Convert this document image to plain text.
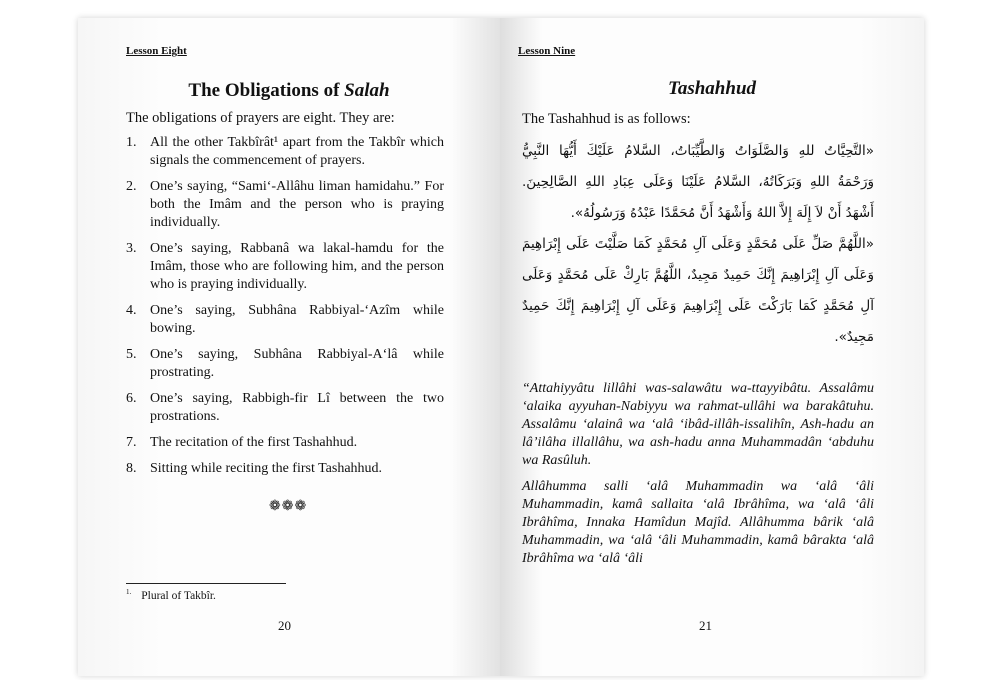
Lesson Eight
The Obligations of Salah
The obligations of prayers are eight. They are:
1. All the other Takbîrât¹ apart from the Takbîr which signals the commencement of prayers.
2. One’s saying, “Sami‘-Allâhu liman hamidahu.” For both the Imâm and the person who is praying individually.
3. One’s saying, Rabbanâ wa lakal-hamdu for the Imâm, those who are following him, and the person who is praying individually.
4. One’s saying, Subhâna Rabbiyal-‘Azîm while bowing.
5. One’s saying, Subhâna Rabbiyal-A‘lâ while prostrating.
6. One’s saying, Rabbigh-fir Lî between the two prostrations.
7. The recitation of the first Tashahhud.
8. Sitting while reciting the first Tashahhud.
❁❁❁
$^{1.}$ Plural of Takbîr.
20
Lesson Nine
Tashahhud
The Tashahhud is as follows:

«التَّحِيَّاتُ للهِ وَالصَّلَوَاتُ وَالطَّيِّبَاتُ، السَّلامُ عَلَيْكَ أَيُّهَا النَّبِيُّ وَرَحْمَةُ اللهِ وَبَرَكَاتُهُ، السَّلامُ عَلَيْنَا وَعَلَى عِبَادِ اللهِ الصَّالِحِينَ. أَشْهَدُ أَنْ لاَ إِلَهَ إِلاَّ اللهُ وَأَشْهَدُ أَنَّ مُحَمَّدًا عَبْدُهُ وَرَسُولُهُ».

«اللَّهُمَّ صَلِّ عَلَى مُحَمَّدٍ وَعَلَى آلِ مُحَمَّدٍ كَمَا صَلَّيْتَ عَلَى إِبْرَاهِيمَ وَعَلَى آلِ إِبْرَاهِيمَ إِنَّكَ حَمِيدٌ مَجِيدٌ، اللَّهُمَّ بَارِكْ عَلَى مُحَمَّدٍ وَعَلَى آلِ مُحَمَّدٍ كَمَا بَارَكْتَ عَلَى إِبْرَاهِيمَ وَعَلَى آلِ إِبْرَاهِيمَ إِنَّكَ حَمِيدٌ مَجِيدٌ».

“Attahiyyâtu lillâhi was-salawâtu wa-ttayyibâtu. Assalâmu ‘alaika ayyuhan-Nabiyyu wa rahmat-ullâhi wa barakâtuhu. Assalâmu ‘alainâ wa ‘alâ ‘ibâd-illâh-issalihîn, Ash-hadu an lâ’ilâha illallâhu, wa ash-hadu anna Muhammadân ‘abduhu wa Rasûluh.

Allâhumma salli ‘alâ Muhammadin wa ‘alâ ‘âli Muhammadin, kamâ sallaita ‘alâ Ibrâhîma, wa ‘alâ ‘âli Ibrâhîma, Innaka Hamîdun Majîd. Allâhumma bârik ‘alâ Muhammadin, wa ‘alâ ‘âli Muhammadin, kamâ bârakta ‘alâ Ibrâhîma wa ‘alâ ‘âli

21
